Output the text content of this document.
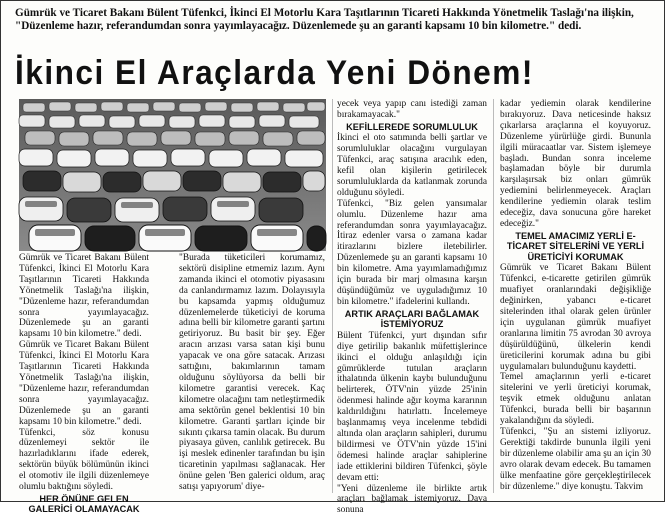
Gümrük ve Ticaret Bakanı Bülent Tüfenkci, İkinci El Motorlu Kara Taşıtlarının Ticareti Hakkında Yönetmelik Taslağı'na ilişkin, "Düzenleme hazır, referandumdan sonra yayımlayacağız. Düzenlemede şu an garanti kapsamı 10 bin kilometre." dedi.
İkinci El Araçlarda Yeni Dönem!

Gümrük ve Ticaret Bakanı Bülent Tüfenkci, İkinci El Motorlu Kara Taşıtlarının Ticareti Hakkında Yönetmelik Taslağı'na ilişkin, "Düzenleme hazır, referandumdan sonra yayımlayacağız. Düzenlemede şu an garanti kapsamı 10 bin kilometre." dedi.

Gümrük ve Ticaret Bakanı Bülent Tüfenkci, İkinci El Motorlu Kara Taşıtlarının Ticareti Hakkında Yönetmelik Taslağı'na ilişkin, "Düzenleme hazır, referandumdan sonra yayımlayacağız. Düzenlemede şu an garanti kapsamı 10 bin kilometre." dedi.

Tüfenkci, söz konusu düzenlemeyi sektör ile hazırladıklarını ifade ederek, sektörün büyük bölümünün ikinci el otomotiv ile ilgili düzenlemeye olumlu baktığını söyledi.

HER ÖNÜNE GELEN GALERİCİ OLAMAYACAK

"Burada tüketicileri korumamız, sektörü disipline etmemiz lazım. Aynı zamanda ikinci el otomotiv piyasasını da canlandırmamız lazım. Dolayısıyla bu kapsamda yapmış olduğumuz düzenlemelerde tüketiciyi de koruma adına belli bir kilometre garanti şartını getiriyoruz. Bu basit bir şey. Eğer aracın arızası varsa satan kişi bunu yapacak ve ona göre satacak. Arızası sattığını, bakımlarının tamam olduğunu söylüyorsa da belli bir kilometre garantisi verecek. Kaç kilometre olacağını tam netleştirmedik ama sektörün genel beklentisi 10 bin kilometre. Garanti şartları içinde bir sıkıntı çıkarsa tamin olacak. Bu durum piyasaya güven, canlılık getirecek. Bu işi meslek edinenler tarafından bu işin ticaretinin yapılması sağlanacak. Her önüne gelen 'Ben galerici oldum, araç satışı yapıyorum' diye-

yecek veya yapıp canı istediği zaman bırakamayacak."

KEFİLLEREDE SORUMLULUK

İkinci el oto satımında belli şartlar ve sorumluluklar olacağını vurgulayan Tüfenkci, araç satışına aracılık eden, kefil olan kişilerin getirilecek sorumluluklarda da katlanmak zorunda olduğunu söyledi.

Tüfenkci, "Biz gelen yansımalar olumlu. Düzenleme hazır ama referandumdan sonra yayımlayacağız. İtiraz edenler varsa o zamana kadar itirazlarını bizlere iletebilirler. Düzenlemede şu an garanti kapsamı 10 bin kilometre. Ama yayımlamadığımız için burada bir marj olmasına karşın düşündüğümüz ve uyguladığımız 10 bin kilometre." ifadelerini kullandı.

ARTIK ARAÇLARI BAĞLAMAK İSTEMİYORUZ

Bülent Tüfenkci, yurt dışından sıfır diye getirilip bakanlık müfettişlerince ikinci el olduğu anlaşıldığı için gümrüklerde tutulan araçların ithalatında ülkenin kaybı bulunduğunu belirterek, ÖTV'nin yüzde 25'inin ödenmesi halinde ağır koyma kararının kaldırıldığını hatırlattı. İncelemeye başlanmamış veya incelenme tebdidi altında olan araçların sahipleri, durumu bildirmesi ve ÖTV'nin yüzde 15'ini ödemesi halinde araçlar sahiplerine iade ettiklerini bildiren Tüfenkci, şöyle devam etti:

"Yeni düzenleme ile birlikte artık araçları bağlamak istemiyoruz. Dava sonuna

kadar yediemin olarak kendilerine bırakıyoruz. Dava neticesinde haksız çıkarlarsa araçlarına el koyuyoruz. Düzenleme yürürlüğe girdi. Bununla ilgili müracaatlar var. Sistem işlemeye başladı. Bundan sonra inceleme başlamadan böyle bir durumla karşılaşırsak biz onları gümrük yediemini belirlenmeyecek. Araçları kendilerine yediemin olarak teslim edeceğiz, dava sonucuna göre hareket edeceğiz."

TEMEL AMACIMIZ YERLİ E-TİCARET SİTELERİNİ VE YERLİ ÜRETİCİYİ KORUMAK

Gümrük ve Ticaret Bakanı Bülent Tüfenkci, e-ticarette getirilen gümrük muafiyet oranlarındaki değişikliğe değinirken, yabancı e-ticaret sitelerinden ithal olarak gelen ürünler için uygulanan gümrük muafiyet oranlarına limitin 75 avrodan 30 avroya düşürüldüğünü, ülkelerin kendi üreticilerini korumak adına bu gibi uygulamaları bulunduğunu kaydetti.

Temel amaçlarının yerli e-ticaret sitelerini ve yerli üreticiyi korumak, teşvik etmek olduğunu anlatan Tüfenkci, burada belli bir başarının yakalandığını da söyledi.

Tüfenkci, "Şu an sistemi izliyoruz. Gerektiği takdirde bununla ilgili yeni bir düzenleme olabilir ama şu an için 30 avro olarak devam edecek. Bu tamamen ülke menfaatine göre gerçekleştirilecek bir düzenleme." diye konuştu. Takvim
